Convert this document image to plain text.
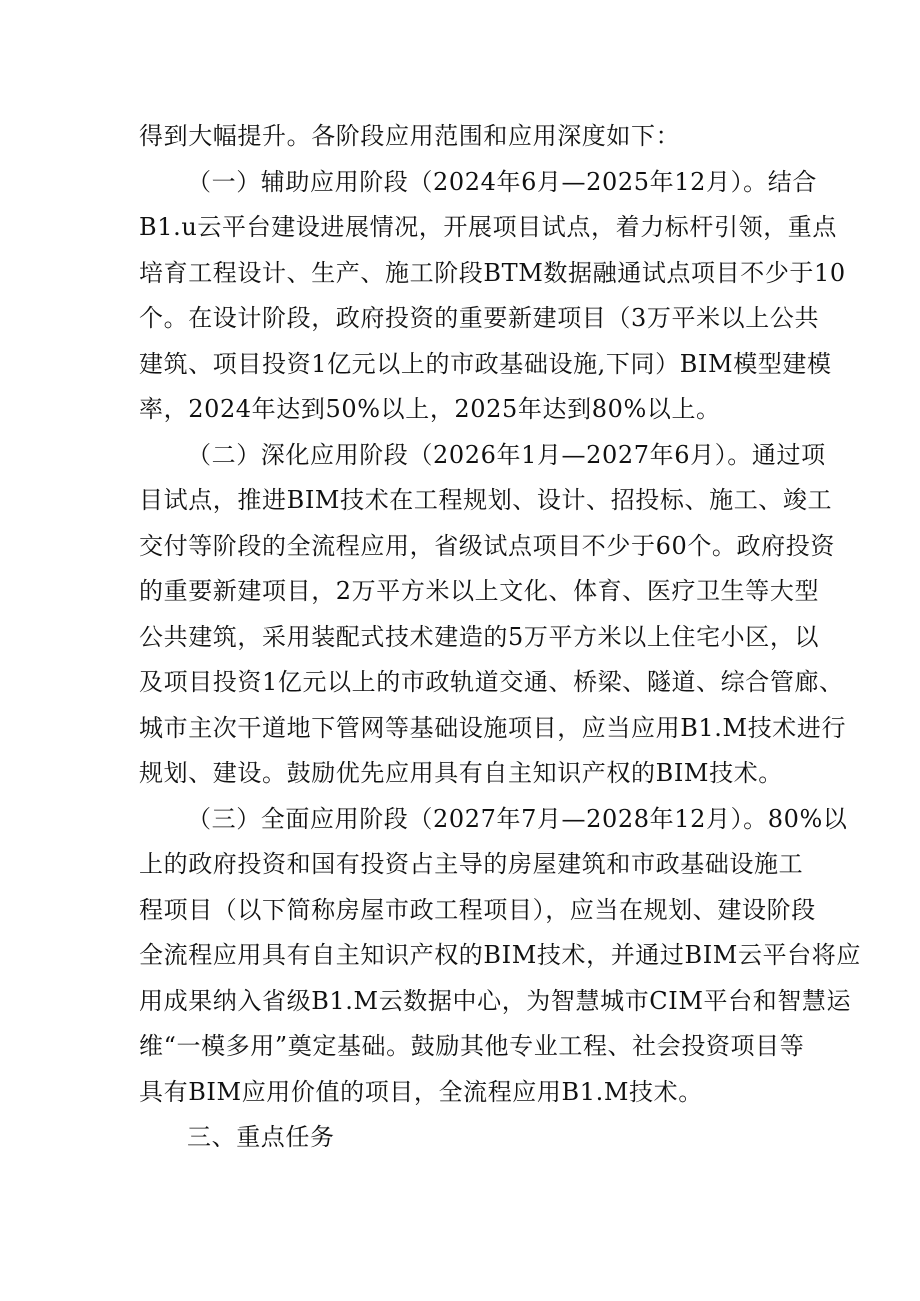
得到大幅提升。各阶段应用范围和应用深度如下：
（一）辅助应用阶段（2024年6月—2025年12月）。结合
B1.u云平台建设进展情况，开展项目试点，着力标杆引领，重点
培育工程设计、生产、施工阶段BTM数据融通试点项目不少于10
个。在设计阶段，政府投资的重要新建项目（3万平米以上公共
建筑、项目投资1亿元以上的市政基础设施,下同）BIM模型建模
率，2024年达到50%以上，2025年达到80%以上。
（二）深化应用阶段（2026年1月—2027年6月）。通过项
目试点，推进BIM技术在工程规划、设计、招投标、施工、竣工
交付等阶段的全流程应用，省级试点项目不少于60个。政府投资
的重要新建项目，2万平方米以上文化、体育、医疗卫生等大型
公共建筑，采用装配式技术建造的5万平方米以上住宅小区，以
及项目投资1亿元以上的市政轨道交通、桥梁、隧道、综合管廊、
城市主次干道地下管网等基础设施项目，应当应用B1.M技术进行
规划、建设。鼓励优先应用具有自主知识产权的BIM技术。
（三）全面应用阶段（2027年7月—2028年12月）。80%以
上的政府投资和国有投资占主导的房屋建筑和市政基础设施工
程项目（以下简称房屋市政工程项目），应当在规划、建设阶段
全流程应用具有自主知识产权的BIM技术，并通过BIM云平台将应
用成果纳入省级B1.M云数据中心，为智慧城市CIM平台和智慧运
维“一模多用”奠定基础。鼓励其他专业工程、社会投资项目等
具有BIM应用价值的项目，全流程应用B1.M技术。
三、重点任务
